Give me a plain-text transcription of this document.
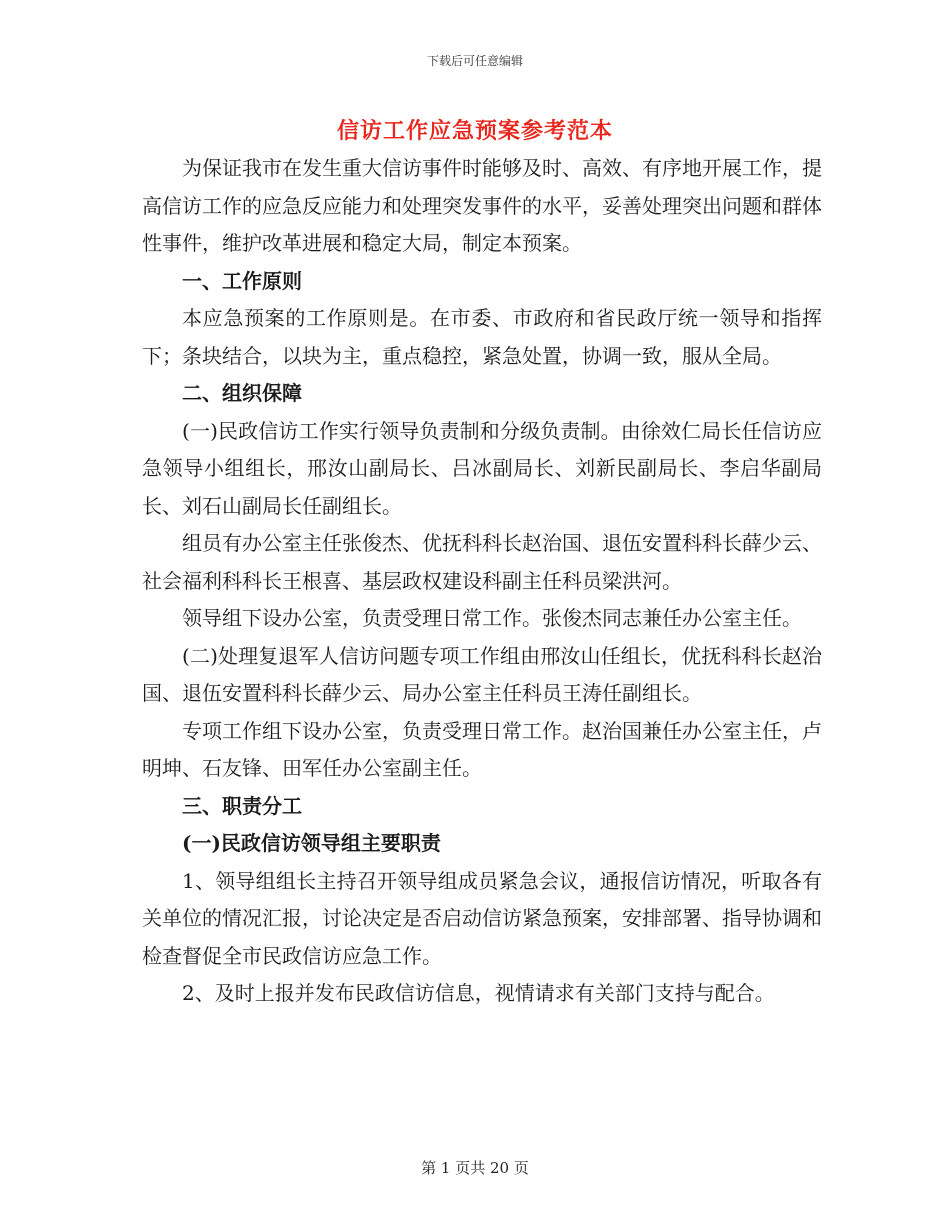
下载后可任意编辑
信访工作应急预案参考范本

为保证我市在发生重大信访事件时能够及时、高效、有序地开展工作，提高信访工作的应急反应能力和处理突发事件的水平，妥善处理突出问题和群体性事件，维护改革进展和稳定大局，制定本预案。

一、工作原则

本应急预案的工作原则是。在市委、市政府和省民政厅统一领导和指挥下；条块结合，以块为主，重点稳控，紧急处置，协调一致，服从全局。

二、组织保障

(一)民政信访工作实行领导负责制和分级负责制。由徐效仁局长任信访应急领导小组组长，邢汝山副局长、吕冰副局长、刘新民副局长、李启华副局长、刘石山副局长任副组长。

组员有办公室主任张俊杰、优抚科科长赵治国、退伍安置科科长薛少云、社会福利科科长王根喜、基层政权建设科副主任科员梁洪河。

领导组下设办公室，负责受理日常工作。张俊杰同志兼任办公室主任。

(二)处理复退军人信访问题专项工作组由邢汝山任组长，优抚科科长赵治国、退伍安置科科长薛少云、局办公室主任科员王涛任副组长。

专项工作组下设办公室，负责受理日常工作。赵治国兼任办公室主任，卢明坤、石友锋、田军任办公室副主任。

三、职责分工

(一)民政信访领导组主要职责

1、领导组组长主持召开领导组成员紧急会议，通报信访情况，听取各有关单位的情况汇报，讨论决定是否启动信访紧急预案，安排部署、指导协调和检查督促全市民政信访应急工作。

2、及时上报并发布民政信访信息，视情请求有关部门支持与配合。

第 1 页共 20 页
